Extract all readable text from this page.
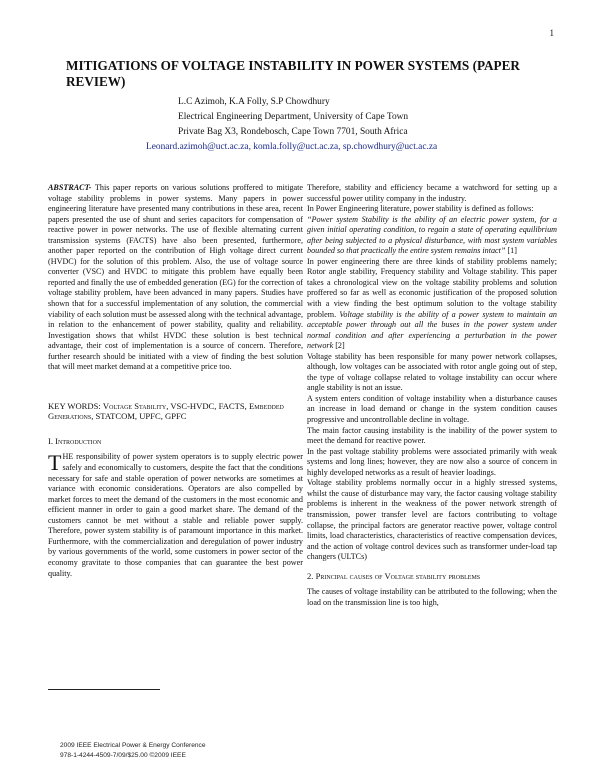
1
MITIGATIONS OF VOLTAGE INSTABILITY IN POWER SYSTEMS (PAPER REVIEW)
L.C Azimoh, K.A Folly, S.P Chowdhury
Electrical Engineering Department, University of Cape Town
Private Bag X3, Rondebosch, Cape Town 7701, South Africa
Leonard.azimoh@uct.ac.za, komla.folly@uct.ac.za, sp.chowdhury@uct.ac.za

ABSTRACT- This paper reports on various solutions proffered to mitigate voltage stability problems in power systems. Many papers in power engineering literature have presented many contributions in these area, recent papers presented the use of shunt and series capacitors for compensation of reactive power in power networks. The use of flexible alternating current transmission systems (FACTS) have also been presented, furthermore, another paper reported on the contribution of High voltage direct current (HVDC) for the solution of this problem. Also, the use of voltage source converter (VSC) and HVDC to mitigate this problem have equally been reported and finally the use of embedded generation (EG) for the correction of voltage stability problem, have been advanced in many papers. Studies have shown that for a successful implementation of any solution, the commercial viability of each solution must be assessed along with the technical advantage, in relation to the enhancement of power stability, quality and reliability. Investigation shows that whilst HVDC these solution is best technical advantage, their cost of implementation is a source of concern. Therefore, further research should be initiated with a view of finding the best solution that will meet market demand at a competitive price too.

KEY WORDS: Voltage Stability, VSC-HVDC, FACTS, Embedded Generations, STATCOM, UPFC, GPFC

I. Introduction

THE responsibility of power system operators is to supply electric power safely and economically to customers, despite the fact that the conditions necessary for safe and stable operation of power networks are sometimes at variance with economic considerations. Operators are also compelled by market forces to meet the demand of the customers in the most economic and efficient manner in order to gain a good market share. The demand of the customers cannot be met without a stable and reliable power supply. Therefore, power system stability is of paramount importance in this market. Furthermore, with the commercialization and deregulation of power industry by various governments of the world, some customers in power sector of the economy gravitate to those companies that can guarantee the best power quality.

Therefore, stability and efficiency became a watchword for setting up a successful power utility company in the industry.

In Power Engineering literature, power stability is defined as follows:

“Power system Stability is the ability of an electric power system, for a given initial operating condition, to regain a state of operating equilibrium after being subjected to a physical disturbance, with most system variables bounded so that practically the entire system remains intact” [1]

In power engineering there are three kinds of stability problems namely; Rotor angle stability, Frequency stability and Voltage stability. This paper takes a chronological view on the voltage stability problems and solution proffered so far as well as economic justification of the proposed solution with a view finding the best optimum solution to the voltage stability problem. Voltage stability is the ability of a power system to maintain an acceptable power through out all the buses in the power system under normal condition and after experiencing a perturbation in the power network [2]

Voltage stability has been responsible for many power network collapses, although, low voltages can be associated with rotor angle going out of step, the type of voltage collapse related to voltage instability can occur where angle stability is not an issue.

A system enters condition of voltage instability when a disturbance causes an increase in load demand or change in the system condition causes progressive and uncontrollable decline in voltage.

The main factor causing instability is the inability of the power system to meet the demand for reactive power.

In the past voltage stability problems were associated primarily with weak systems and long lines; however, they are now also a source of concern in highly developed networks as a result of heavier loadings.

Voltage stability problems normally occur in a highly stressed systems, whilst the cause of disturbance may vary, the factor causing voltage stability problems is inherent in the weakness of the power network strength of transmission, power transfer level are factors contributing to voltage collapse, the principal factors are generator reactive power, voltage control limits, load characteristics, characteristics of reactive compensation devices, and the action of voltage control devices such as transformer under-load tap changers (ULTCs)

2. Principal causes of Voltage stability problems

The causes of voltage instability can be attributed to the following; when the load on the transmission line is too high,

2009 IEEE Electrical Power & Energy Conference
978-1-4244-4509-7/09/$25.00 ©2009 IEEE
